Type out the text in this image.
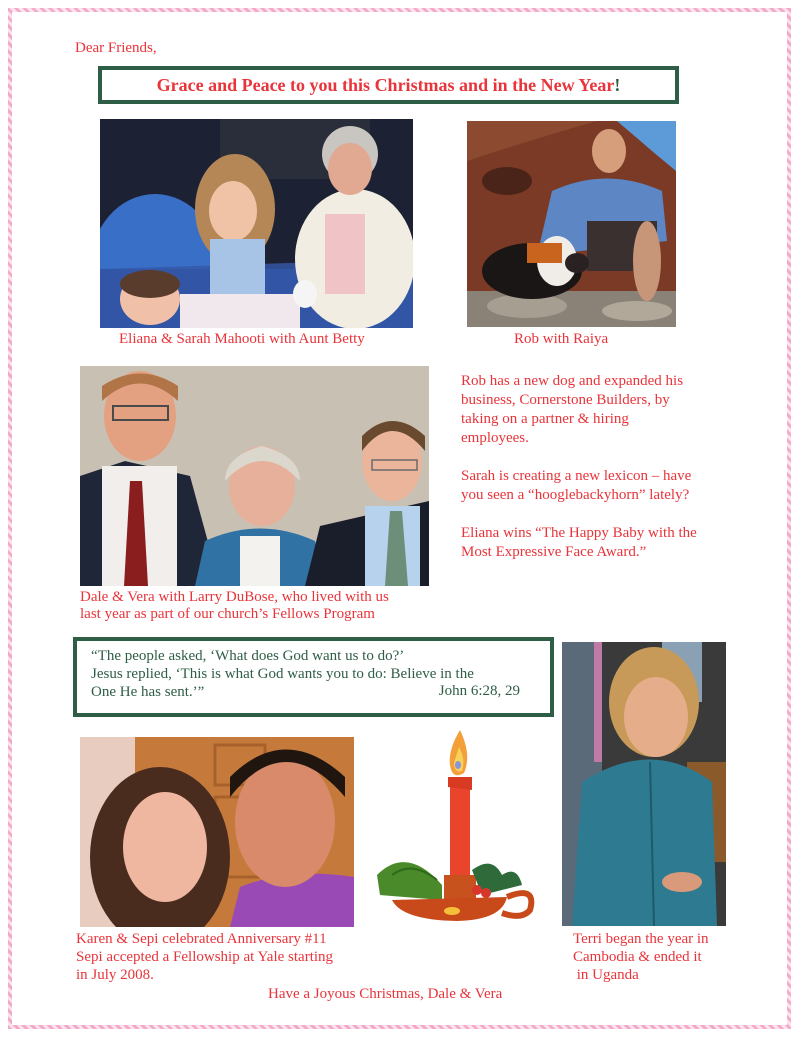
Dear Friends,
Grace and Peace to you this Christmas and in the New Year !
Eliana & Sarah Mahooti with Aunt Betty	Rob with Raiya
Dale & Vera with Larry DuBose, who lived with us
last year as part of our church’s Fellows Program

Rob has a new dog and expanded his business, Cornerstone Builders, by taking on a partner & hiring employees.

Sarah is creating a new lexicon – have you seen a “hooglebackyhorn” lately?

Eliana wins “The Happy Baby with the Most Expressive Face Award.”

“The people asked, ‘What does God want us to do?’
Jesus replied, ‘This is what God wants you to do: Believe in the
One He has sent.’”	John 6:28, 29
Karen & Sepi celebrated Anniversary #11
Sepi accepted a Fellowship at Yale starting
in July 2008.
Terri began the year in
Cambodia & ended it
in Uganda
Have a Joyous Christmas, Dale & Vera
